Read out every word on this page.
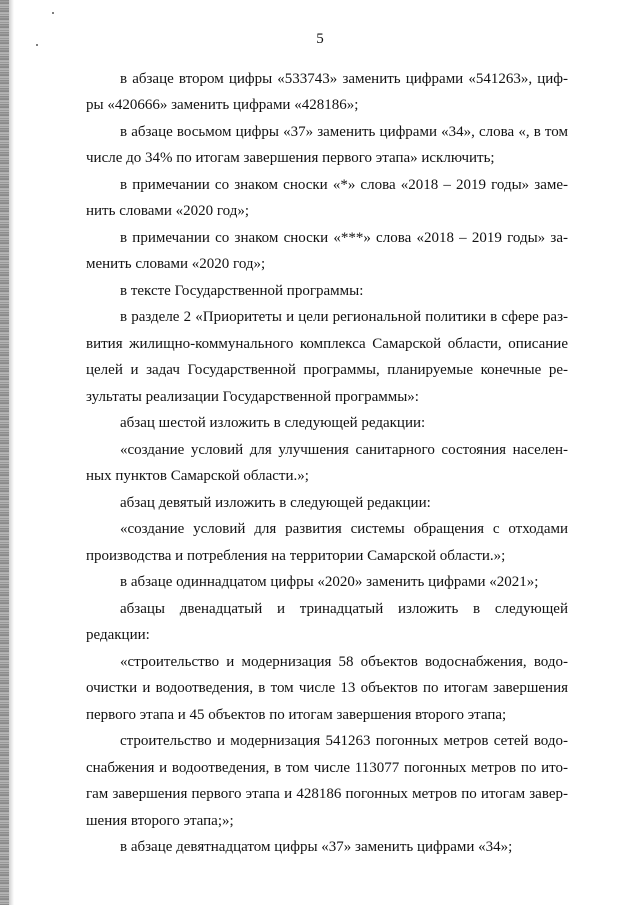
5
в абзаце втором цифры «533743» заменить цифрами «541263», циф-
ры «420666» заменить цифрами «428186»;
в абзаце восьмом цифры «37» заменить цифрами «34», слова «, в том
числе до 34% по итогам завершения первого этапа» исключить;
в примечании со знаком сноски «*» слова «2018 – 2019 годы» заме-
нить словами «2020 год»;
в примечании со знаком сноски «***» слова «2018 – 2019 годы» за-
менить словами «2020 год»;
в тексте Государственной программы:
в разделе 2 «Приоритеты и цели региональной политики в сфере раз-
вития жилищно-коммунального комплекса Самарской области, описание
целей и задач Государственной программы, планируемые конечные ре-
зультаты реализации Государственной программы»:
абзац шестой изложить в следующей редакции:
«создание условий для улучшения санитарного состояния населен-
ных пунктов Самарской области.»;
абзац девятый изложить в следующей редакции:
«создание условий для развития системы обращения с отходами
производства и потребления на территории Самарской области.»;
в абзаце одиннадцатом цифры «2020» заменить цифрами «2021»;
абзацы двенадцатый и тринадцатый изложить в следующей
редакции:
«строительство и модернизация 58 объектов водоснабжения, водо-
очистки и водоотведения, в том числе 13 объектов по итогам завершения
первого этапа и 45 объектов по итогам завершения второго этапа;
строительство и модернизация 541263 погонных метров сетей водо-
снабжения и водоотведения, в том числе 113077 погонных метров по ито-
гам завершения первого этапа и 428186 погонных метров по итогам завер-
шения второго этапа;»;
в абзаце девятнадцатом цифры «37» заменить цифрами «34»;
